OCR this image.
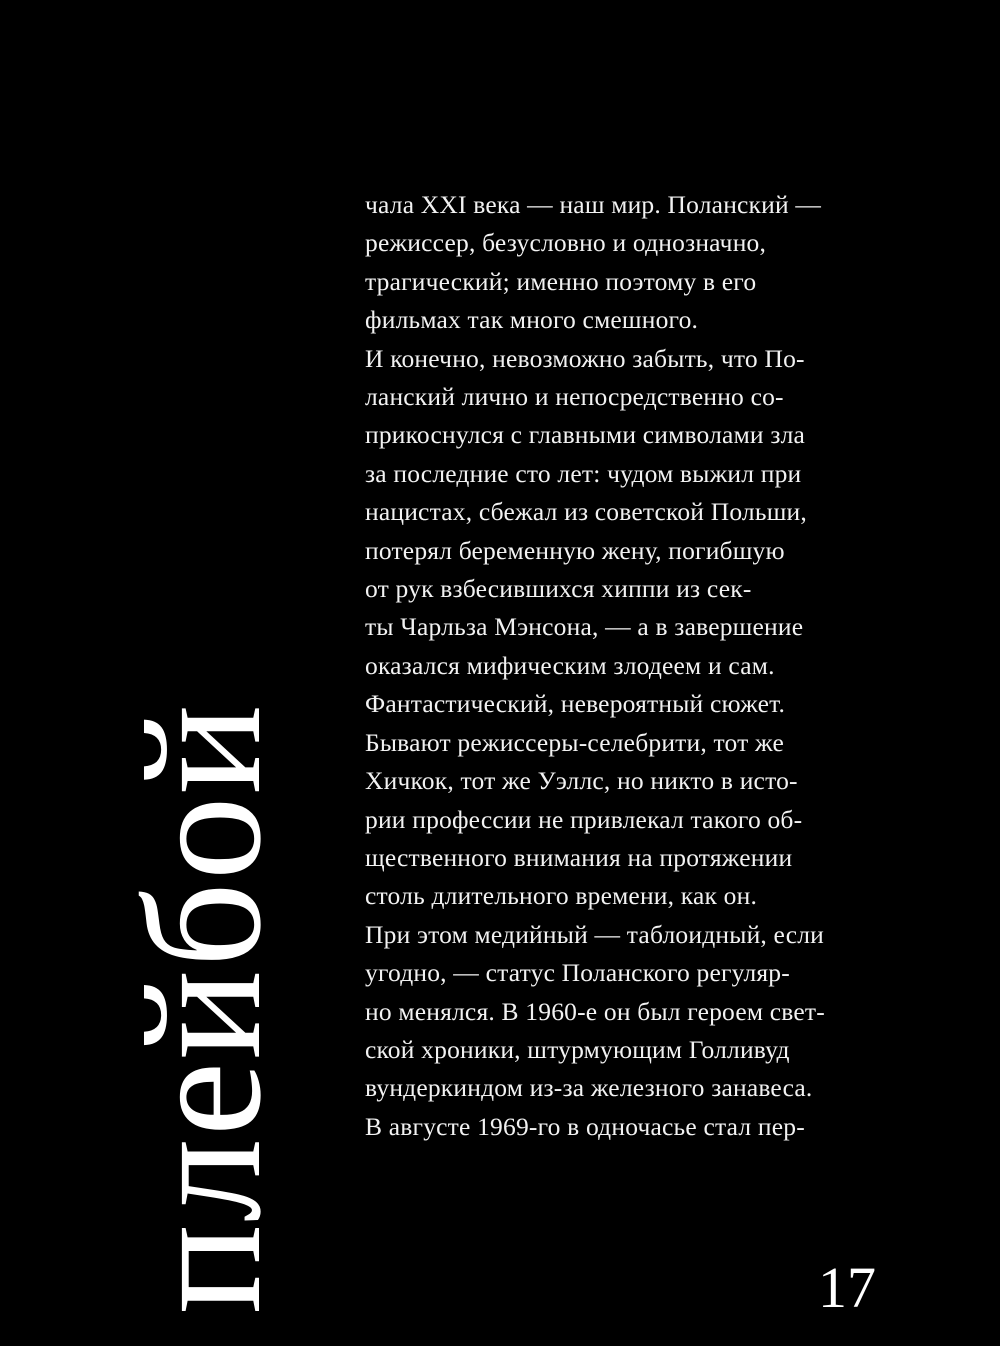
плейбой
чала XXI века — наш мир. Поланский —
режиссер, безусловно и однозначно,
трагический; именно поэтому в его
фильмах так много смешного.
И конечно, невозможно забыть, что По-
ланский лично и непосредственно со-
прикоснулся с главными символами зла
за последние сто лет: чудом выжил при
нацистах, сбежал из советской Польши,
потерял беременную жену, погибшую
от рук взбесившихся хиппи из сек-
ты Чарльза Мэнсона, — а в завершение
оказался мифическим злодеем и сам.
Фантастический, невероятный сюжет.
Бывают режиссеры-селебрити, тот же
Хичкок, тот же Уэллс, но никто в исто-
рии профессии не привлекал такого об-
щественного внимания на протяжении
столь длительного времени, как он.
При этом медийный — таблоидный, если
угодно, — статус Поланского регуляр-
но менялся. В 1960-е он был героем свет-
ской хроники, штурмующим Голливуд
вундеркиндом из-за железного занавеса.
В августе 1969-го в одночасье стал пер-
17
